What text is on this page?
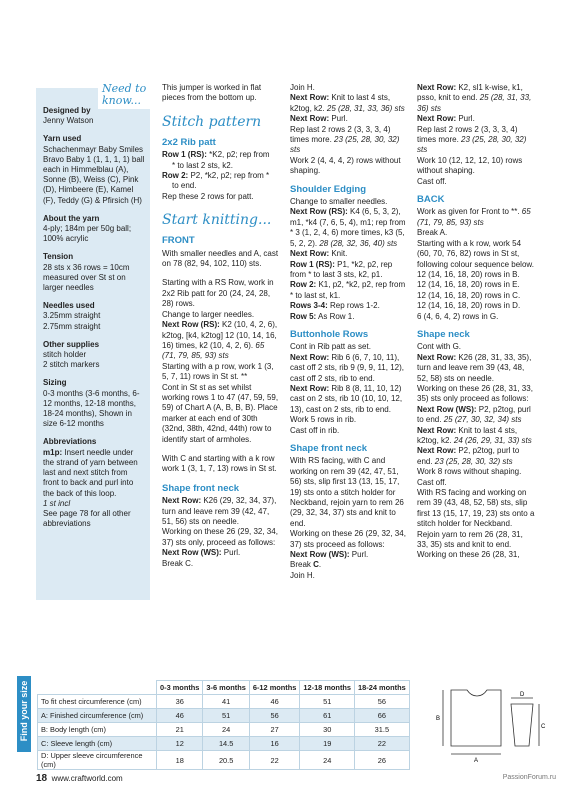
Designed by
Jenny Watson
Yarn used
Schachenmayr Baby Smiles Bravo Baby 1 (1, 1, 1, 1) ball each in Himmelblau (A), Sonne (B), Weiss (C), Pink (D), Himbeere (E), Kamel (F), Teddy (G) & Pfirsich (H)
About the yarn
4-ply; 184m per 50g ball; 100% acrylic
Tension
28 sts x 36 rows = 10cm measured over St st on larger needles
Needles used
3.25mm straight
2.75mm straight
Other supplies
stitch holder
2 stitch markers
Sizing
0-3 months (3-6 months, 6-12 months, 12-18 months, 18-24 months), Shown in size 6-12 months
Abbreviations
m1p: Insert needle under the strand of yarn between last and next stitch from front to back and purl into the back of this loop.
1 st incl
See page 78 for all other abbreviations
Need to know...

This jumper is worked in flat pieces from the bottom up.

Stitch pattern
2x2 Rib patt
Row 1 (RS): *K2, p2; rep from
* to last 2 sts, k2.
Row 2: P2, *k2, p2; rep from *
to end.
Rep these 2 rows for patt.
Start knitting...
FRONT

With smaller needles and A, cast on 78 (82, 94, 102, 110) sts.

Starting with a RS Row, work in 2x2 Rib patt for 20 (24, 24, 28, 28) rows.

Change to larger needles.

Next Row (RS): K2 (10, 4, 2, 6), k2tog, [k4, k2tog] 12 (10, 14, 16, 16) times, k2 (10, 4, 2, 6). 65 (71, 79, 85, 93) sts

Starting with a p row, work 1 (3, 5, 7, 11) rows in St st. **

Cont in St st as set whilst working rows 1 to 47 (47, 59, 59, 59) of Chart A (A, B, B, B). Place marker at each end of 30th (32nd, 38th, 42nd, 44th) row to identify start of armholes.

With C and starting with a k row work 1 (3, 1, 7, 13) rows in St st.

Shape front neck
Next Row: K26 (29, 32, 34, 37), turn and leave rem 39 (42, 47, 51, 56) sts on needle.
Working on these 26 (29, 32, 34, 37) sts only, proceed as follows:
Next Row (WS): Purl.
Break C.
Join H.
Next Row: Knit to last 4 sts, k2tog, k2. 25 (28, 31, 33, 36) sts
Next Row: Purl.
Rep last 2 rows 2 (3, 3, 3, 4) times more. 23 (25, 28, 30, 32) sts
Work 2 (4, 4, 4, 2) rows without shaping.
Shoulder Edging
Change to smaller needles.
Next Row (RS): K4 (6, 5, 3, 2), m1, *k4 (7, 6, 5, 4), m1; rep from * 3 (1, 2, 4, 6) more times, k3 (5, 5, 2, 2). 28 (28, 32, 36, 40) sts
Next Row: Knit.
Row 1 (RS): P1, *k2, p2, rep from * to last 3 sts, k2, p1.
Row 2: K1, p2, *k2, p2, rep from * to last st, k1.
Rows 3-4: Rep rows 1-2.
Row 5: As Row 1.
Buttonhole Rows
Cont in Rib patt as set.
Next Row: Rib 6 (6, 7, 10, 11), cast off 2 sts, rib 9 (9, 9, 11, 12), cast off 2 sts, rib to end.
Next Row: Rib 8 (8, 11, 10, 12) cast on 2 sts, rib 10 (10, 10, 12, 13), cast on 2 sts, rib to end.
Work 5 rows in rib.
Cast off in rib.
Shape front neck
With RS facing, with C and working on rem 39 (42, 47, 51, 56) sts, slip first 13 (13, 15, 17, 19) sts onto a stitch holder for Neckband, rejoin yarn to rem 26 (29, 32, 34, 37) sts and knit to end.
Working on these 26 (29, 32, 34, 37) sts proceed as follows:
Next Row (WS): Purl.
Break C.
Join H.
Next Row: K2, sl1 k-wise, k1, psso, knit to end. 25 (28, 31, 33, 36) sts
Next Row: Purl.
Rep last 2 rows 2 (3, 3, 3, 4) times more. 23 (25, 28, 30, 32) sts
Work 10 (12, 12, 12, 10) rows without shaping.
Cast off.
BACK
Work as given for Front to **. 65 (71, 79, 85, 93) sts
Break A.
Starting with a k row, work 54 (60, 70, 76, 82) rows in St st, following colour sequence below.
12 (14, 16, 18, 20) rows in B.
12 (14, 16, 18, 20) rows in E.
12 (14, 16, 18, 20) rows in C.
12 (14, 16, 18, 20) rows in D.
6 (4, 6, 4, 2) rows in G.
Shape neck
Cont with G.
Next Row: K26 (28, 31, 33, 35), turn and leave rem 39 (43, 48, 52, 58) sts on needle.
Working on these 26 (28, 31, 33, 35) sts only proceed as follows:
Next Row (WS): P2, p2tog, purl to end. 25 (27, 30, 32, 34) sts
Next Row: Knit to last 4 sts, k2tog, k2. 24 (26, 29, 31, 33) sts
Next Row: P2, p2tog, purl to end. 23 (25, 28, 30, 32) sts
Work 8 rows without shaping.
Cast off.
With RS facing and working on rem 39 (43, 48, 52, 58) sts, slip first 13 (15, 17, 19, 23) sts onto a stitch holder for Neckband.
Rejoin yarn to rem 26 (28, 31, 33, 35) sts and knit to end.
Working on these 26 (28, 31,
Find your size
		0-3 months	3-6 months	6-12 months	12-18 months	18-24 months
To fit chest circumference (cm)	36	41	46	51	56
A: Finished circumference (cm)	46	51	56	61	66
B: Body length (cm)	21	24	27	30	31.5
C: Sleeve length (cm)	12	14.5	16	19	22
D: Upper sleeve circumference (cm)	18	20.5	22	24	26
B
A
C
D
18 www.craftworld.com	PassionForum.ru
